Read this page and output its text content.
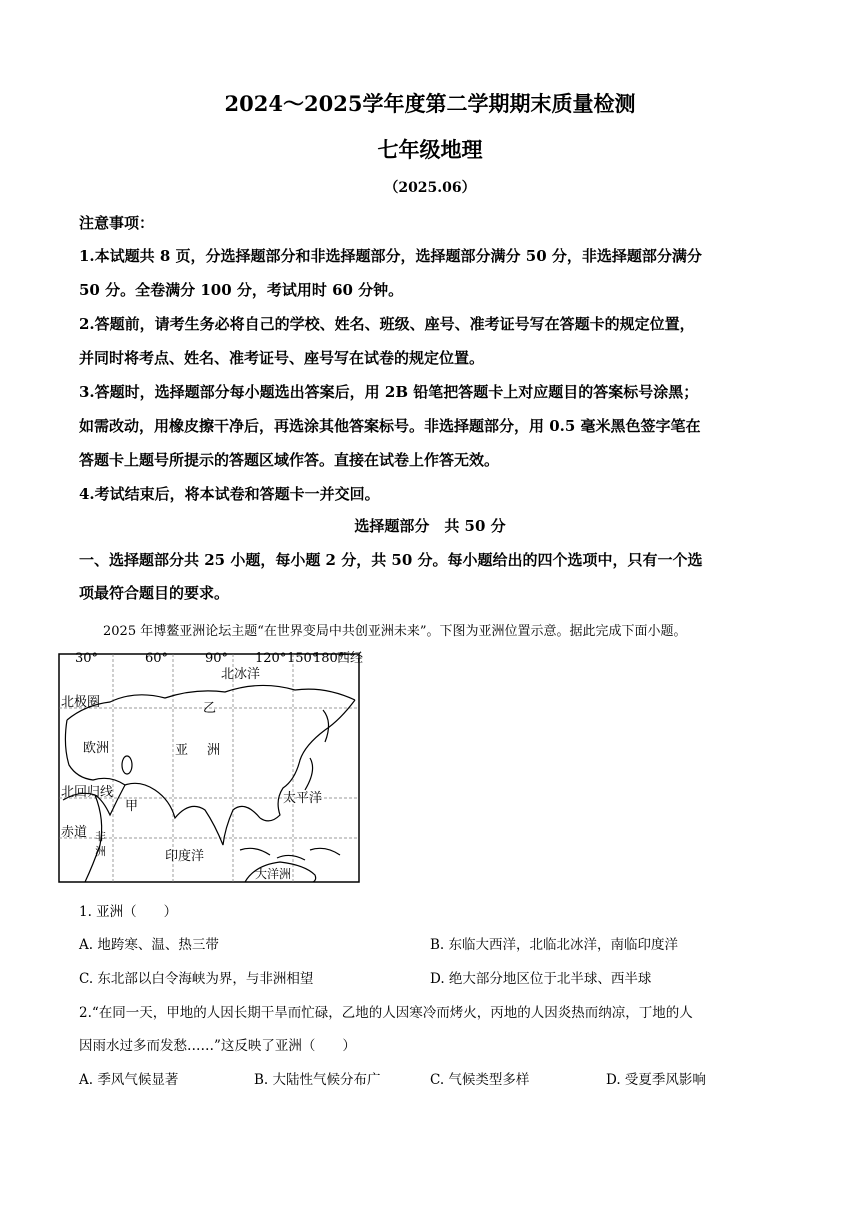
2024～2025学年度第二学期期末质量检测
七年级地理
（2025.06）
注意事项：
1.本试题共 8 页，分选择题部分和非选择题部分，选择题部分满分 50 分，非选择题部分满分
50 分。全卷满分 100 分，考试用时 60 分钟。
2.答题前，请考生务必将自己的学校、姓名、班级、座号、准考证号写在答题卡的规定位置，
并同时将考点、姓名、准考证号、座号写在试卷的规定位置。
3.答题时，选择题部分每小题选出答案后，用 2B 铅笔把答题卡上对应题目的答案标号涂黑；
如需改动，用橡皮擦干净后，再选涂其他答案标号。非选择题部分，用 0.5 毫米黑色签字笔在
答题卡上题号所提示的答题区域作答。直接在试卷上作答无效。
4.考试结束后，将本试卷和答题卡一并交回。
选择题部分　共 50 分
一、选择题部分共 25 小题，每小题 2 分，共 50 分。每小题给出的四个选项中，只有一个选
项最符合题目的要求。
2025 年博鳌亚洲论坛主题“在世界变局中共创亚洲未来”。下图为亚洲位置示意。据此完成下面小题。
30°	60°	90° 120° 150°
180°
西经
北冰洋
乙
欧洲	亚 洲
太平洋
甲
非
洲	印度洋
大洋洲
北极圈
北回归线
赤道
1. 亚洲（　　）
A. 地跨寒、温、热三带	B. 东临大西洋，北临北冰洋，南临印度洋
C. 东北部以白令海峡为界，与非洲相望	D. 绝大部分地区位于北半球、西半球
2.“在同一天，甲地的人因长期干旱而忙碌，乙地的人因寒冷而烤火，丙地的人因炎热而纳凉，丁地的人
因雨水过多而发愁……”这反映了亚洲（　　）
A. 季风气候显著	B. 大陆性气候分布广	C. 气候类型多样	D. 受夏季风影响
